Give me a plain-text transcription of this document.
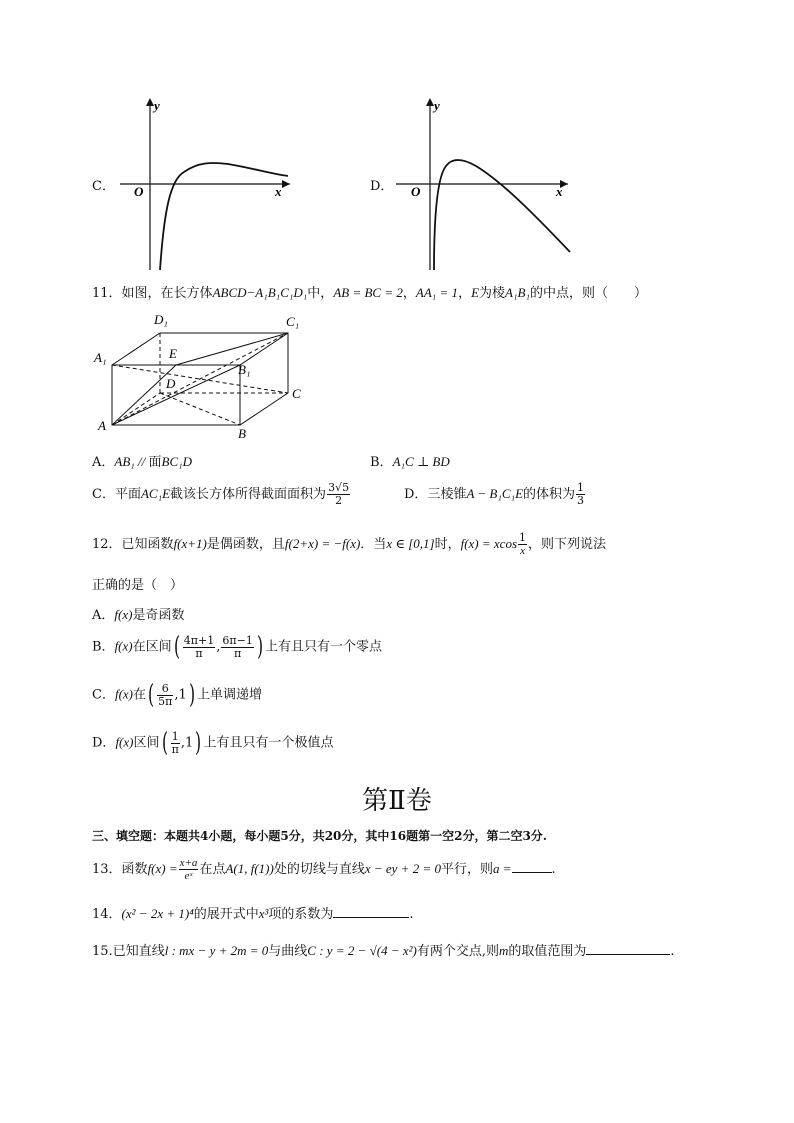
C．
y
x
O	D．
y
x
O
11．如图，在长方体ABCD−A₁B₁C₁D₁中，AB = BC = 2，AA₁ = 1，E为棱A₁B₁的中点，则（　　）
D₁	C₁
A₁	E
B₁
D
C
A
B
A．AB₁ // 面BC₁D	B．A₁C ⊥ BD
C．平面AC₁E截该长方体所得截面面积为 $\frac{3√5}{2}$	D．三棱锥A − B₁C₁E的体积为 $\frac{1}{3}$
12．已知函数f(x+1)是偶函数，且f(2+x) = −f(x)．当x ∈ [0,1]时，f(x) = xcos $\frac{1}{x}$ ，则下列说法
正确的是（　）
A．f(x)是奇函数
B．f(x)在区间( $\frac{4\pi+1}{\pi}$ , $\frac{6\pi-1}{\pi}$ ) 上有且只有一个零点
C．f(x)在( $\frac{6}{5\pi} ,1$) 上单调递增
D．f(x)区间( $\frac{1}{\pi} ,1$) 上有且只有一个极值点
第Ⅱ卷
三、填空题：本题共4小题，每小题5分，共20分，其中16题第一空2分，第二空3分.
13．函数$f(x) = \frac{x+a}{\text{eˣ}}$ 在点A(1, f(1))处的切线与直线x − ey + 2 = 0平行，则a =	.
14．(x² − 2x + 1)⁴的展开式中x³项的系数为	.
15.已知直线l : mx − y + 2m = 0与曲线C : y = 2 − √(4 − x²)有两个交点,则m的取值范围为	.
